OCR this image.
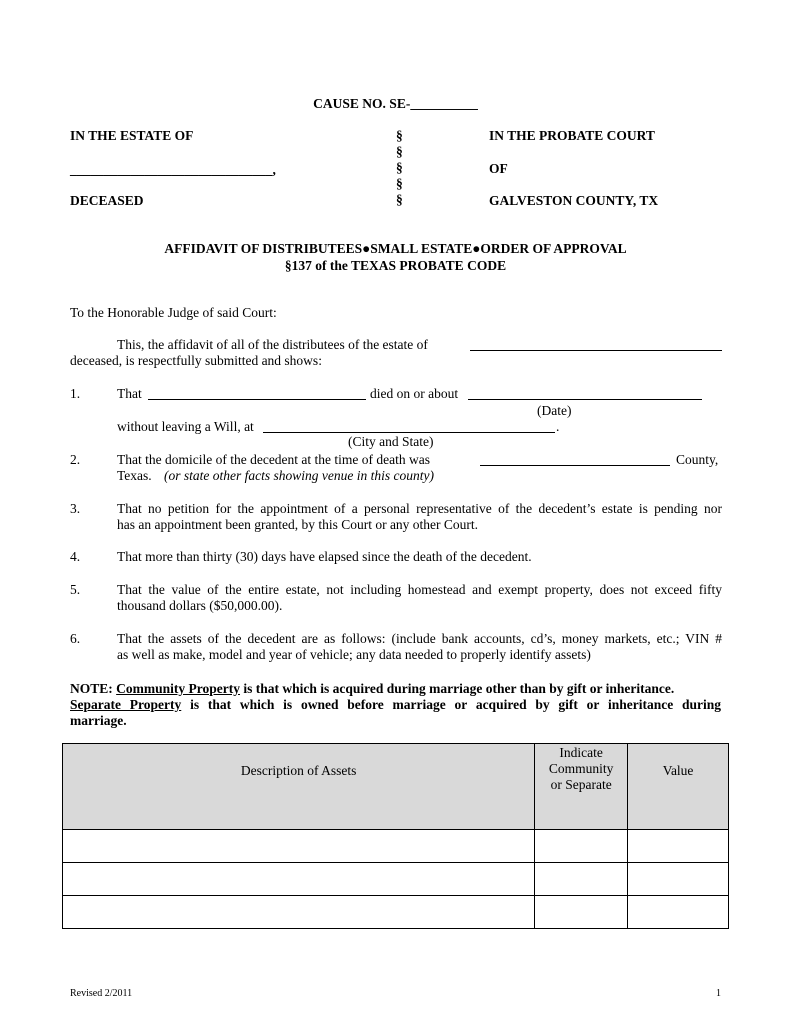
CAUSE NO. SE-__________
IN THE ESTATE OF
______________________________,
DECEASED
§
§
§
§
§
IN THE PROBATE COURT
OF
GALVESTON COUNTY, TX
AFFIDAVIT OF DISTRIBUTEES●SMALL ESTATE●ORDER OF APPROVAL
§137 of the TEXAS PROBATE CODE
To the Honorable Judge of said Court:
This, the affidavit of all of the distributees of the estate of
deceased, is respectfully submitted and shows:
1.	That	died on or about
(Date)
without leaving a Will, at	.
(City and State)
2.	That the domicile of the decedent at the time of death was	County,
Texas. (or state other facts showing venue in this county)
3.	That no petition for the appointment of a personal representative of the decedent’s estate is pending nor
has an appointment been granted, by this Court or any other Court.
4.	That more than thirty (30) days have elapsed since the death of the decedent.
5.	That the value of the entire estate, not including homestead and exempt property, does not exceed fifty
thousand dollars ($50,000.00).
6.	That the assets of the decedent are as follows: (include bank accounts, cd’s, money markets, etc.; VIN #
as well as make, model and year of vehicle; any data needed to properly identify assets)
NOTE: Community Property is that which is acquired during marriage other than by gift or inheritance.
Separate Property is that which is owned before marriage or acquired by gift or inheritance during
marriage.
Description of Assets	Indicate
Community
or Separate	Value

Revised 2/2011	1
